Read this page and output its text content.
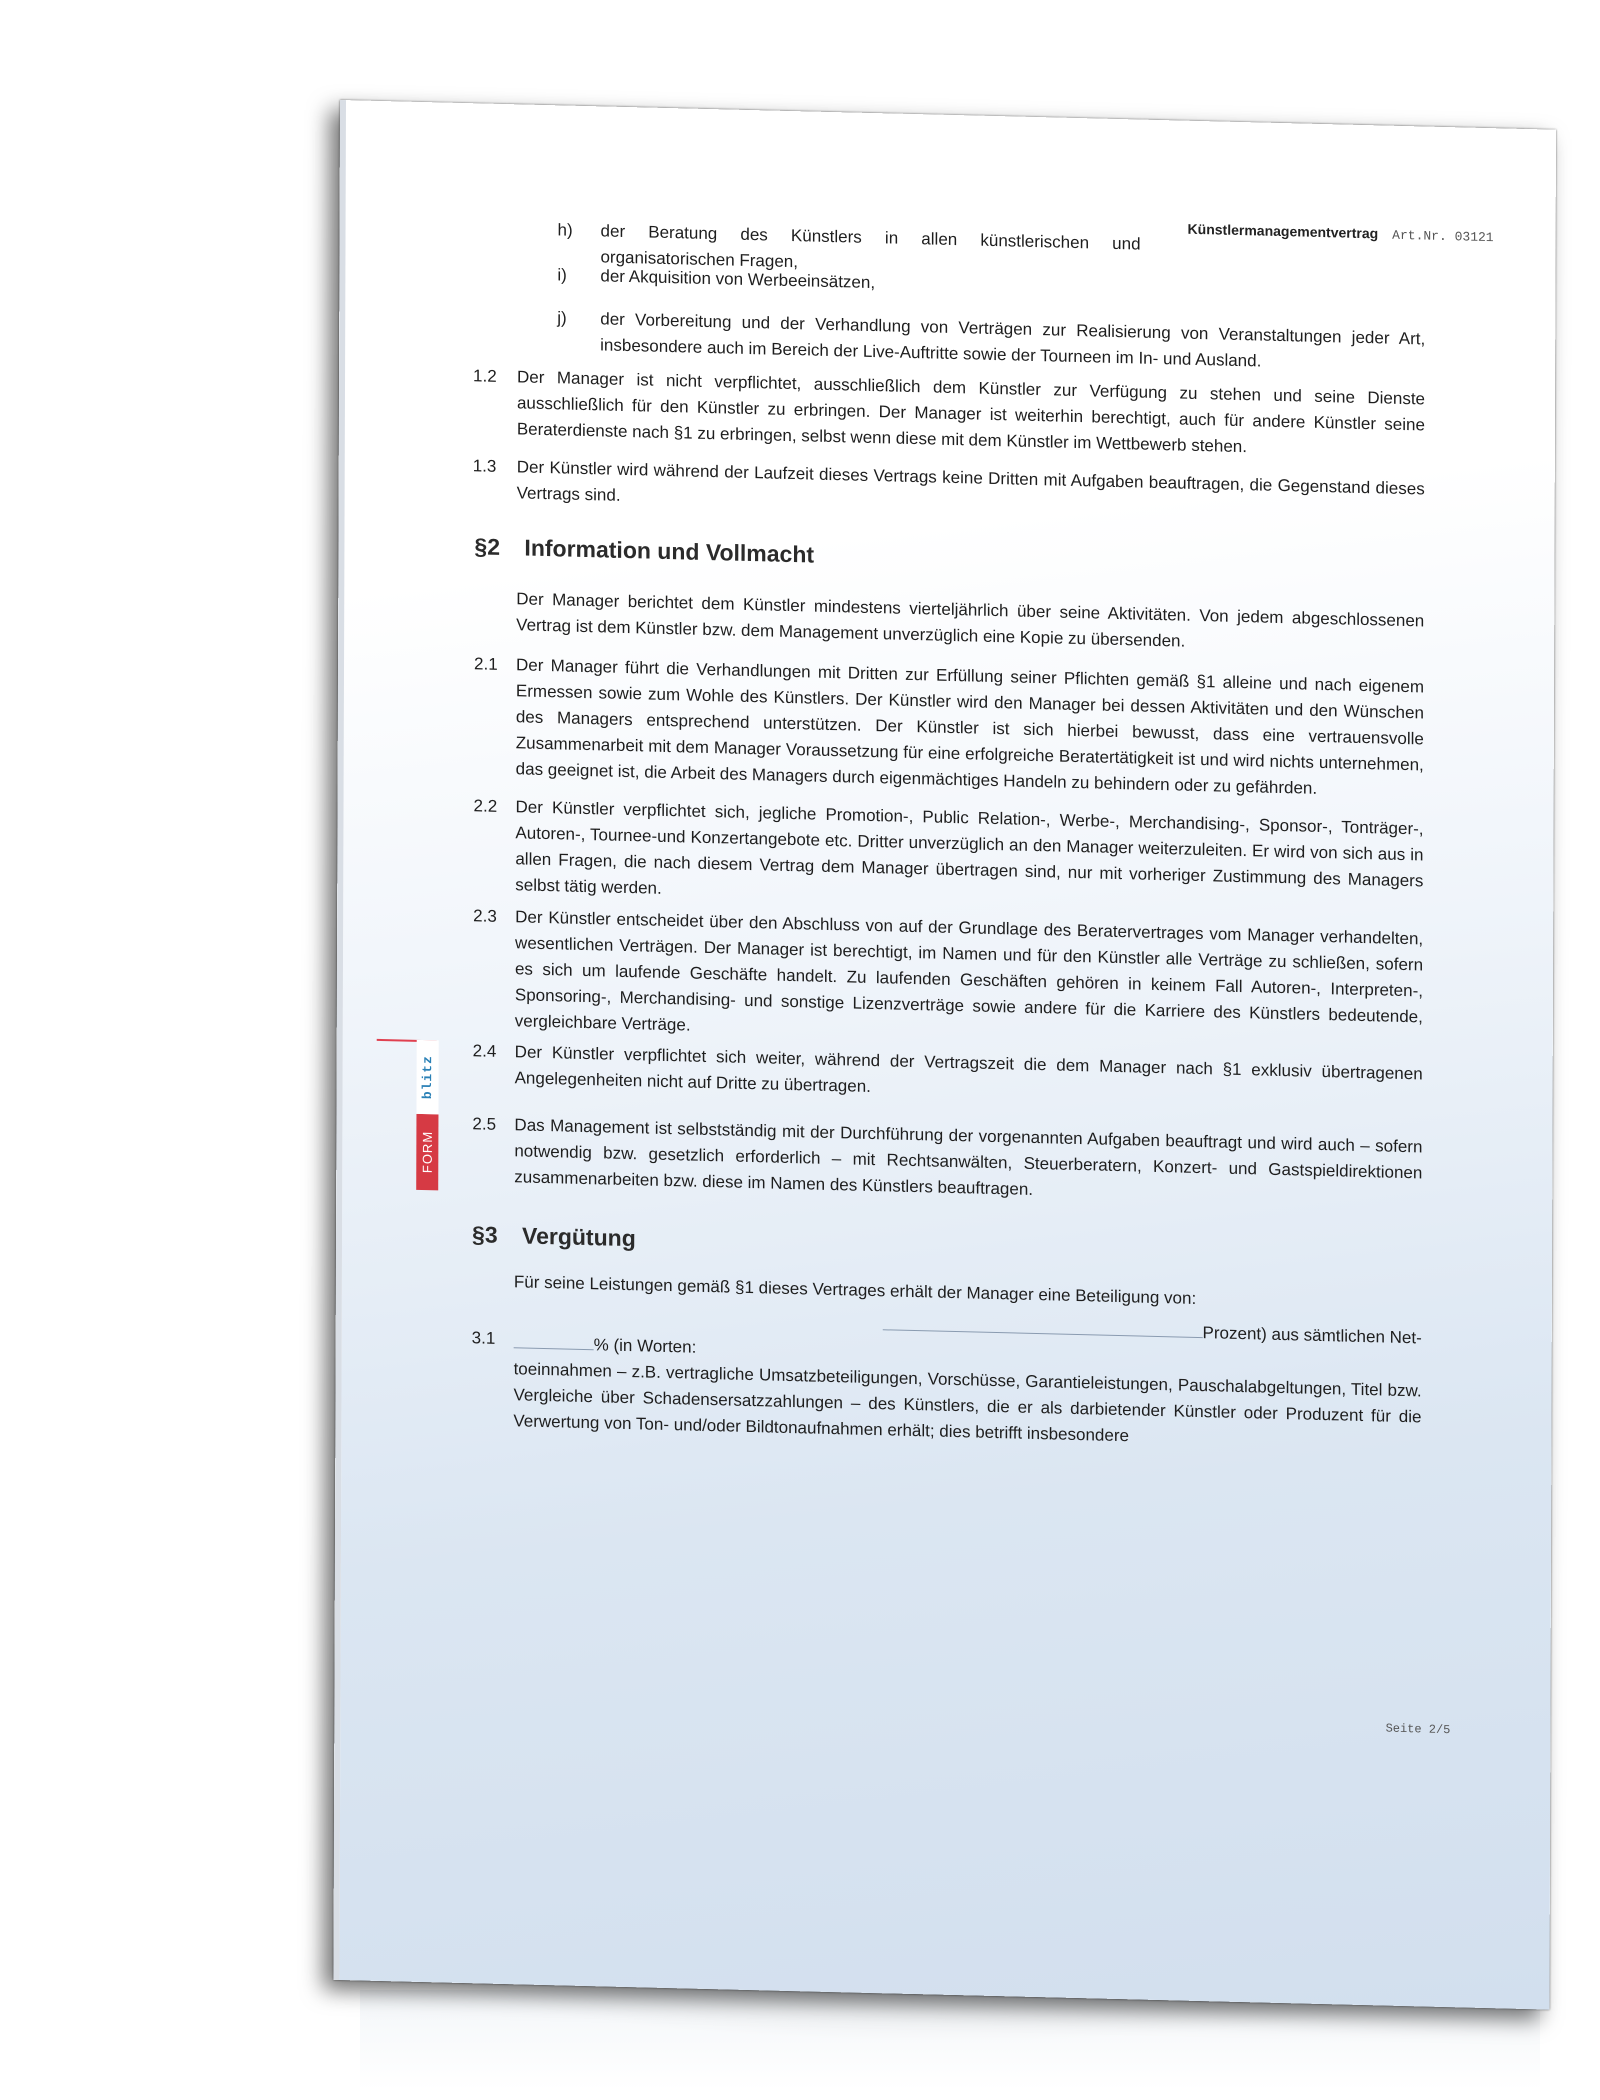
Künstlermanagementvertrag Art.Nr. 03121
FORM
blitz
h) der Beratung des Künstlers in allen künstlerischen und organisatorischen Fragen,
i) der Akquisition von Werbeeinsätzen,
j) der Vorbereitung und der Verhandlung von Verträgen zur Realisierung von Veranstaltungen jeder Art, insbesondere auch im Bereich der Live-Auftritte sowie der Tourneen im In- und Ausland.
1.2 Der Manager ist nicht verpflichtet, ausschließlich dem Künstler zur Verfügung zu stehen und seine Dienste ausschließlich für den Künstler zu erbringen. Der Manager ist weiterhin berechtigt, auch für andere Künstler seine Beraterdienste nach §1 zu erbringen, selbst wenn diese mit dem Künstler im Wettbewerb stehen.
1.3 Der Künstler wird während der Laufzeit dieses Vertrags keine Dritten mit Aufgaben beauftragen, die Gegenstand dieses Vertrags sind.
§2 Information und Vollmacht
Der Manager berichtet dem Künstler mindestens vierteljährlich über seine Aktivitäten. Von jedem abgeschlossenen Vertrag ist dem Künstler bzw. dem Management unverzüglich eine Kopie zu übersenden.
2.1 Der Manager führt die Verhandlungen mit Dritten zur Erfüllung seiner Pflichten gemäß §1 alleine und nach eigenem Ermessen sowie zum Wohle des Künstlers. Der Künstler wird den Manager bei dessen Aktivitäten und den Wünschen des Managers entsprechend unterstützen. Der Künstler ist sich hierbei bewusst, dass eine vertrauensvolle Zusammenarbeit mit dem Manager Voraussetzung für eine erfolgreiche Beratertätigkeit ist und wird nichts unternehmen, das geeignet ist, die Arbeit des Managers durch eigenmächtiges Handeln zu behindern oder zu gefährden.
2.2 Der Künstler verpflichtet sich, jegliche Promotion-, Public Relation-, Werbe-, Merchandising-, Sponsor-, Tonträger-, Autoren-, Tournee-und Konzertangebote etc. Dritter unverzüglich an den Manager weiterzuleiten. Er wird von sich aus in allen Fragen, die nach diesem Vertrag dem Manager übertragen sind, nur mit vorheriger Zustimmung des Managers selbst tätig werden.
2.3 Der Künstler entscheidet über den Abschluss von auf der Grundlage des Beratervertrages vom Manager verhandelten, wesentlichen Verträgen. Der Manager ist berechtigt, im Namen und für den Künstler alle Verträge zu schließen, sofern es sich um laufende Geschäfte handelt. Zu laufenden Geschäften gehören in keinem Fall Autoren-, Interpreten-, Sponsoring-, Merchandising- und sonstige Lizenzverträge sowie andere für die Karriere des Künstlers bedeutende, vergleichbare Verträge.
2.4 Der Künstler verpflichtet sich weiter, während der Vertragszeit die dem Manager nach §1 exklusiv übertragenen Angelegenheiten nicht auf Dritte zu übertragen.
2.5 Das Management ist selbstständig mit der Durchführung der vorgenannten Aufgaben beauftragt und wird auch – sofern notwendig bzw. gesetzlich erforderlich – mit Rechtsanwälten, Steuerberatern, Konzert- und Gastspieldirektionen zusammenarbeiten bzw. diese im Namen des Künstlers beauftragen.
§3 Vergütung
Für seine Leistungen gemäß §1 dieses Vertrages erhält der Manager eine Beteiligung von:
3.1	Prozent) aus sämtlichen Net-
% (in Worten:
toeinnahmen – z.B. vertragliche Umsatzbeteiligungen, Vorschüsse, Garantieleistungen, Pauschalabgeltungen, Titel bzw. Vergleiche über Schadensersatzzahlungen – des Künstlers, die er als darbietender Künstler oder Produzent für die Verwertung von Ton- und/oder Bildtonaufnahmen erhält; dies betrifft insbesondere
Seite 2/5
